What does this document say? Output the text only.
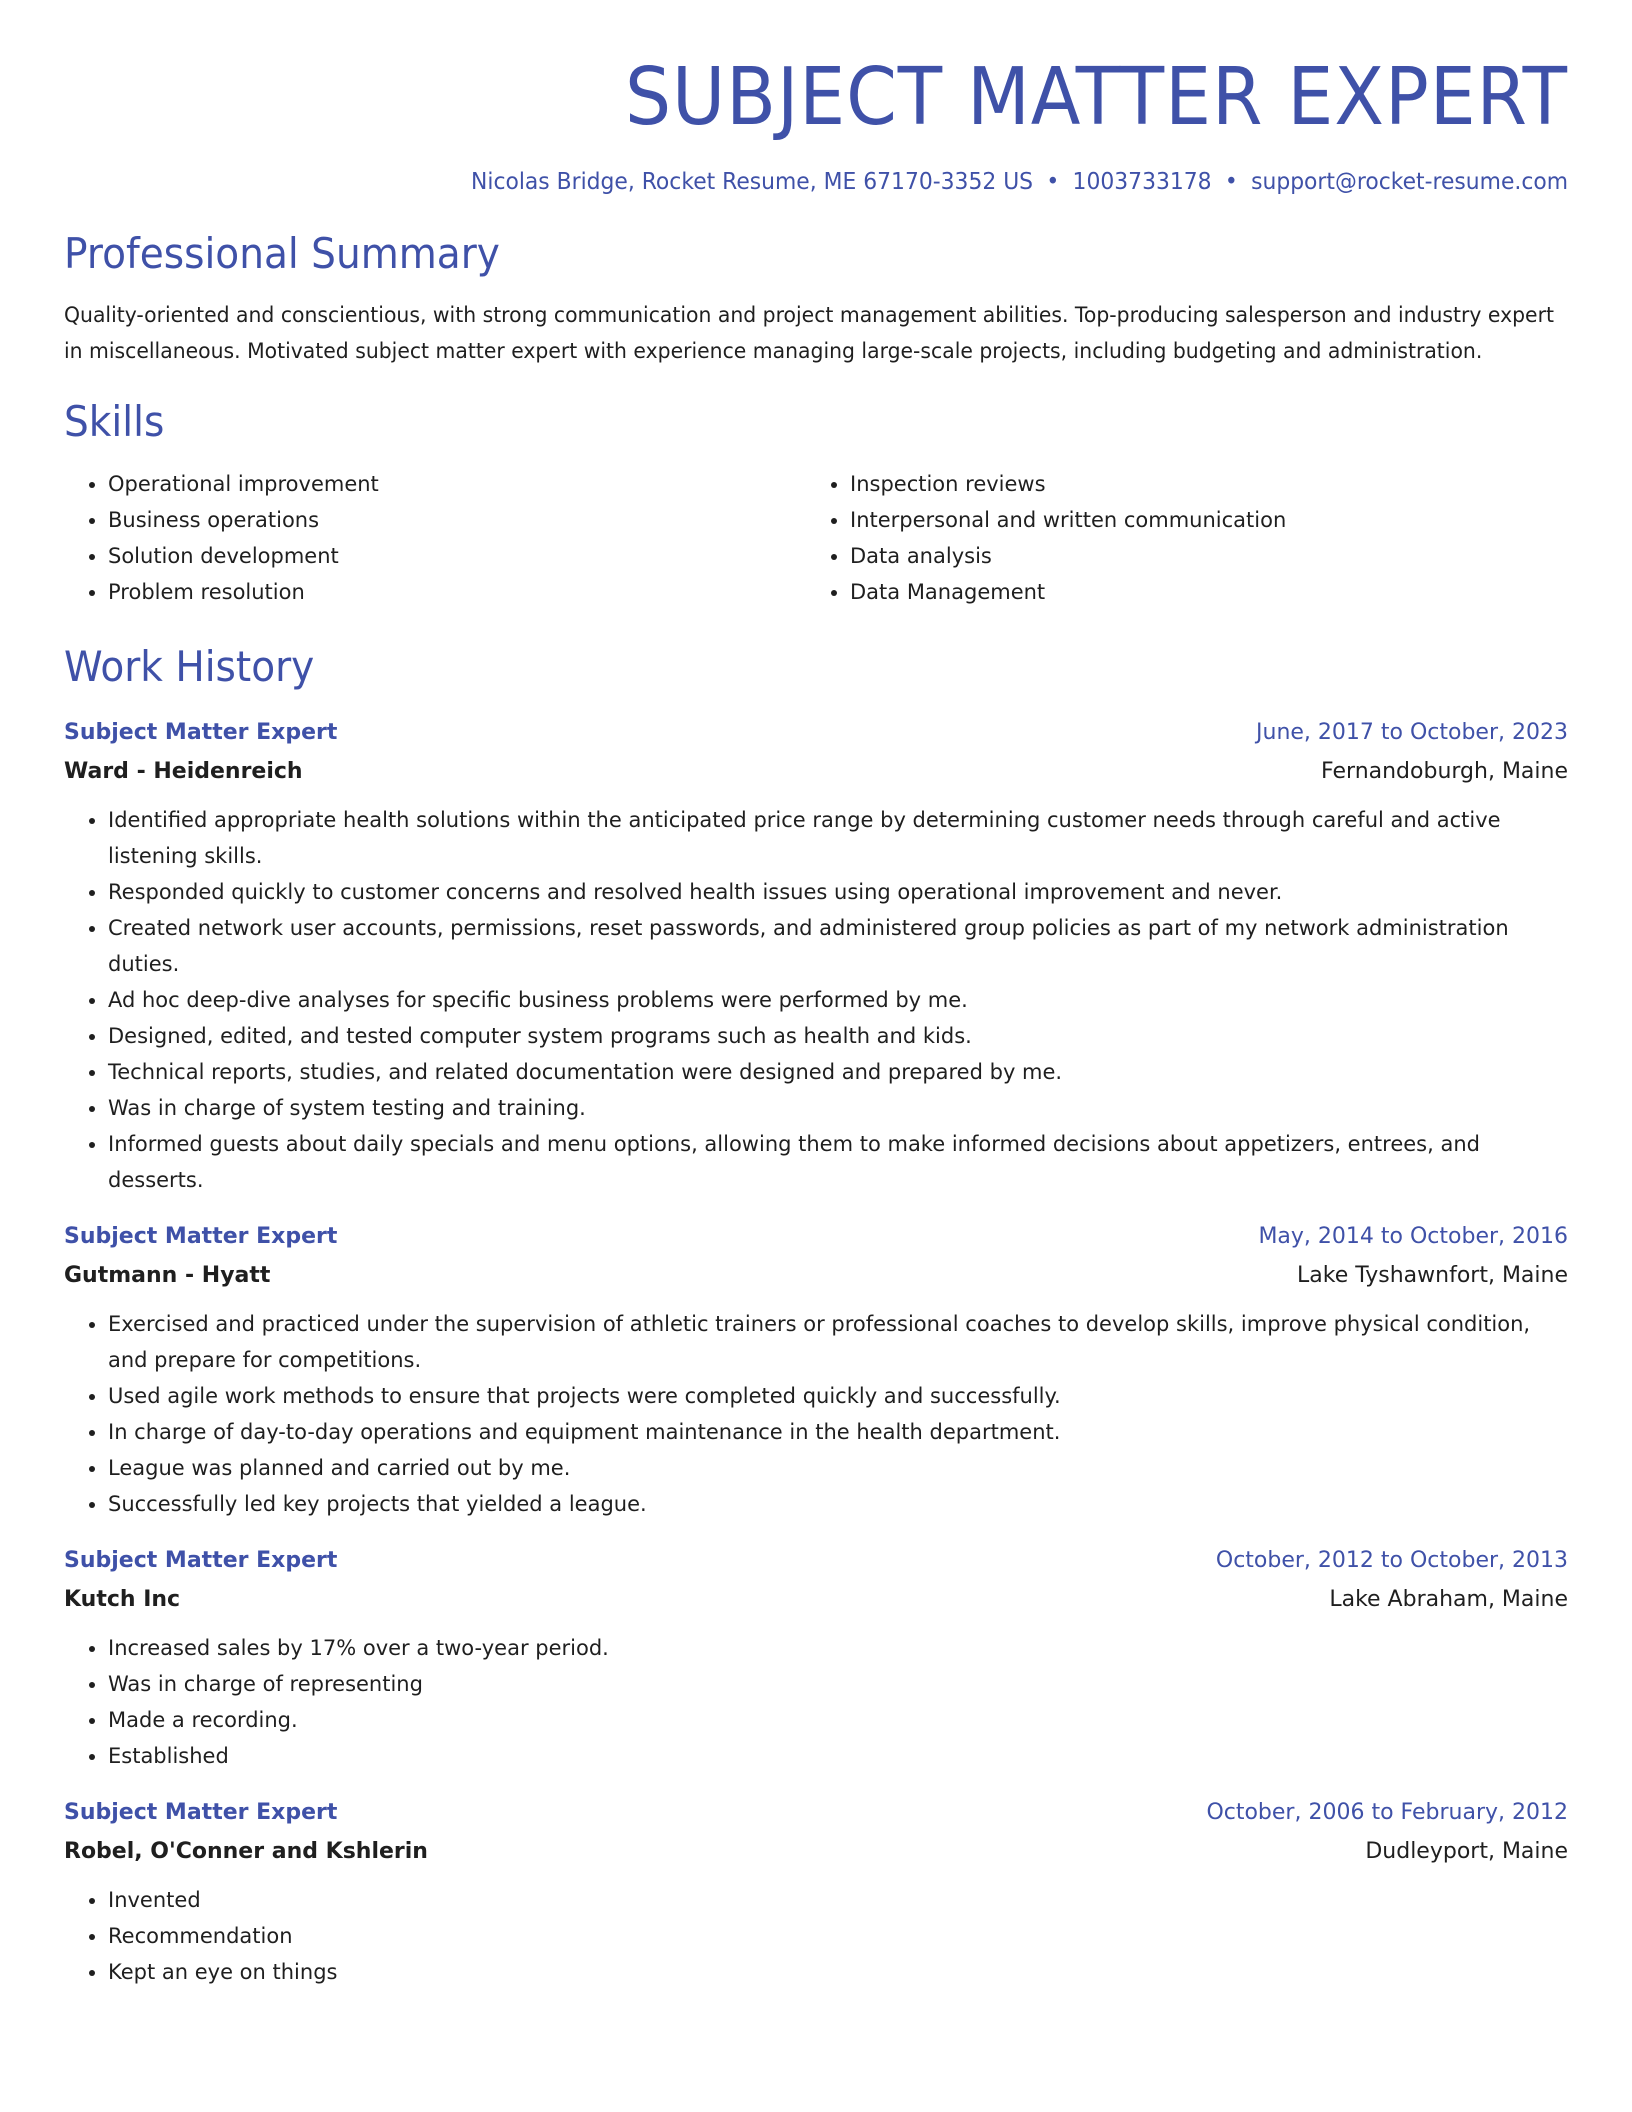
SUBJECT MATTER EXPERT
Nicolas Bridge, Rocket Resume, ME 67170-3352 US • 1003733178 • support@rocket-resume.com
Professional Summary
Quality-oriented and conscientious, with strong communication and project management abilities. Top-producing salesperson and industry expert in miscellaneous. Motivated subject matter expert with experience managing large-scale projects, including budgeting and administration.
Skills
• Operational improvement
• Business operations
• Solution development
• Problem resolution
• Inspection reviews
• Interpersonal and written communication
• Data analysis
• Data Management
Work History
Subject Matter Expert	June, 2017 to October, 2023
Ward - Heidenreich	Fernandoburgh, Maine
• Identified appropriate health solutions within the anticipated price range by determining customer needs through careful and active listening skills.
• Responded quickly to customer concerns and resolved health issues using operational improvement and never.
• Created network user accounts, permissions, reset passwords, and administered group policies as part of my network administration duties.
• Ad hoc deep-dive analyses for specific business problems were performed by me.
• Designed, edited, and tested computer system programs such as health and kids.
• Technical reports, studies, and related documentation were designed and prepared by me.
• Was in charge of system testing and training.
• Informed guests about daily specials and menu options, allowing them to make informed decisions about appetizers, entrees, and desserts.
Subject Matter Expert	May, 2014 to October, 2016
Gutmann - Hyatt	Lake Tyshawnfort, Maine
• Exercised and practiced under the supervision of athletic trainers or professional coaches to develop skills, improve physical condition, and prepare for competitions.
• Used agile work methods to ensure that projects were completed quickly and successfully.
• In charge of day-to-day operations and equipment maintenance in the health department.
• League was planned and carried out by me.
• Successfully led key projects that yielded a league.
Subject Matter Expert	October, 2012 to October, 2013
Kutch Inc	Lake Abraham, Maine
• Increased sales by 17% over a two-year period.
• Was in charge of representing
• Made a recording.
• Established
Subject Matter Expert	October, 2006 to February, 2012
Robel, O'Conner and Kshlerin	Dudleyport, Maine
• Invented
• Recommendation
• Kept an eye on things
